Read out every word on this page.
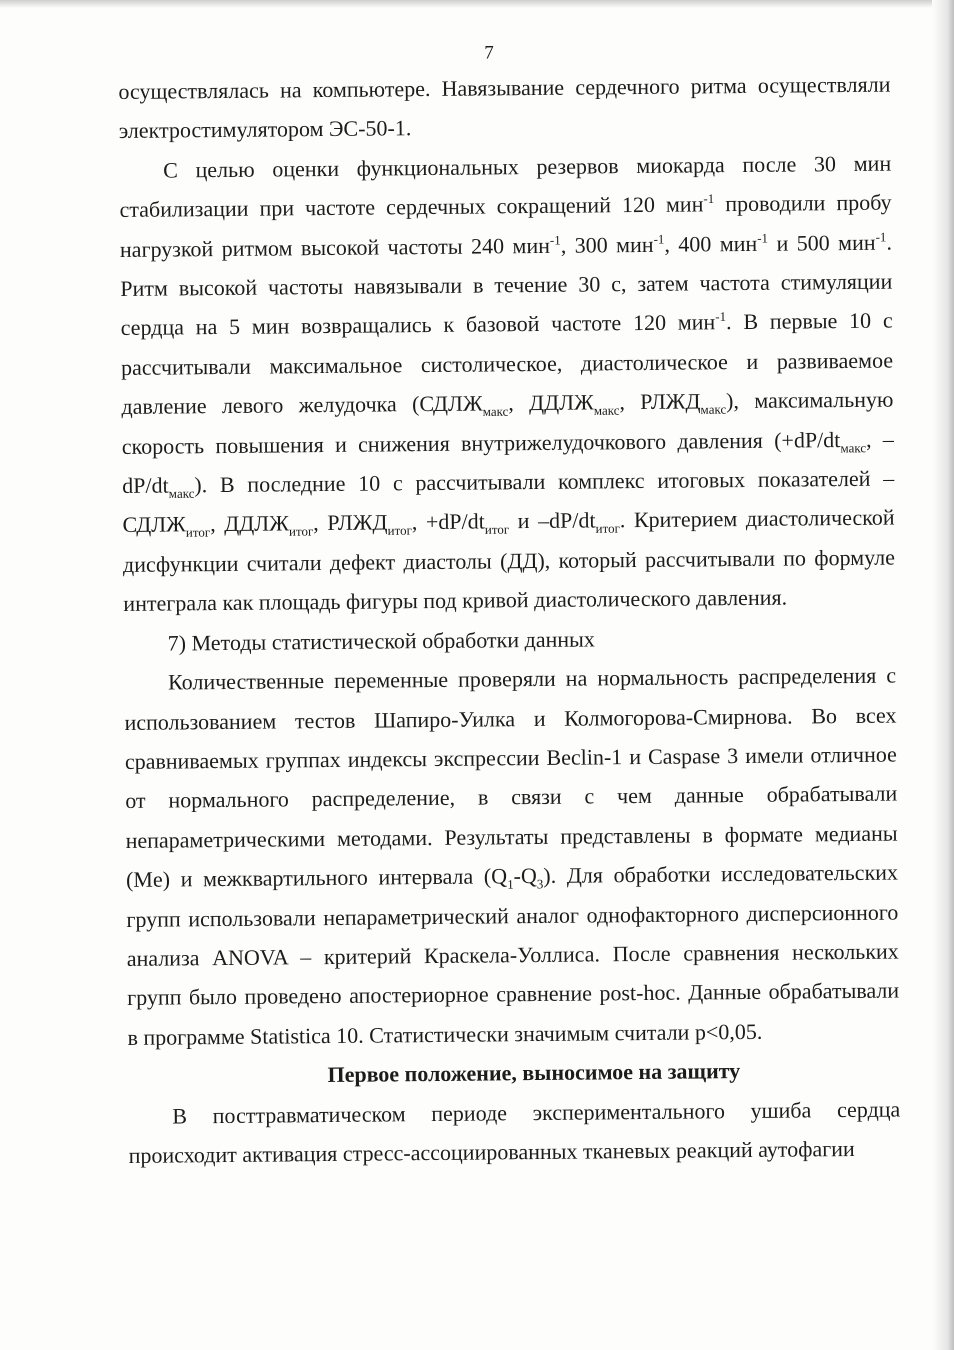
7

осуществлялась на компьютере. Навязывание сердечного ритма осуществляли электростимулятором ЭС-50-1.

С целью оценки функциональных резервов миокарда после 30 мин стабилизации при частоте сердечных сокращений 120 мин$^{-1}$ проводили пробу нагрузкой ритмом высокой частоты 240 мин$^{-1}$, 300 мин$^{-1}$, 400 мин$^{-1}$ и 500 мин$^{-1}$. Ритм высокой частоты навязывали в течение 30 с, затем частота стимуляции сердца на 5 мин возвращались к базовой частоте 120 мин$^{-1}$. В первые 10 с рассчитывали максимальное систолическое, диастолическое и развиваемое давление левого желудочка ($СДЛЖ_{макс}$, $ДДЛЖ_{макс}$, $РЛЖД_{макс}$), максимальную скорость повышения и снижения внутрижелудочкового давления ($+dP/dt_{макс}$, $-dP/dt_{макс}$). В последние 10 с рассчитывали комплекс итоговых показателей – $СДЛЖ_{итог}$, $ДДЛЖ_{итог}$, $РЛЖД_{итог}$, $+dP/dt_{итог}$ и $-dP/dt_{итог}$. Критерием диастолической дисфункции считали дефект диастолы (ДД), который рассчитывали по формуле интеграла как площадь фигуры под кривой диастолического давления.

7) Методы статистической обработки данных

Количественные переменные проверяли на нормальность распределения с использованием тестов Шапиро-Уилка и Колмогорова-Смирнова. Во всех сравниваемых группах индексы экспрессии Beclin-1 и Caspase 3 имели отличное от нормального распределение, в связи с чем данные обрабатывали непараметрическими методами. Результаты представлены в формате медианы (Me) и межквартильного интервала $(Q_1-Q_3)$. Для обработки исследовательских групп использовали непараметрический аналог однофакторного дисперсионного анализа ANOVA – критерий Краскела-Уоллиса. После сравнения нескольких групп было проведено апостериорное сравнение post-hoc. Данные обрабатывали в программе Statistica 10. Статистически значимым считали p<0,05.

Первое положение, выносимое на защиту

В посттравматическом периоде экспериментального ушиба сердца происходит активация стресс-ассоциированных тканевых реакций аутофагии
